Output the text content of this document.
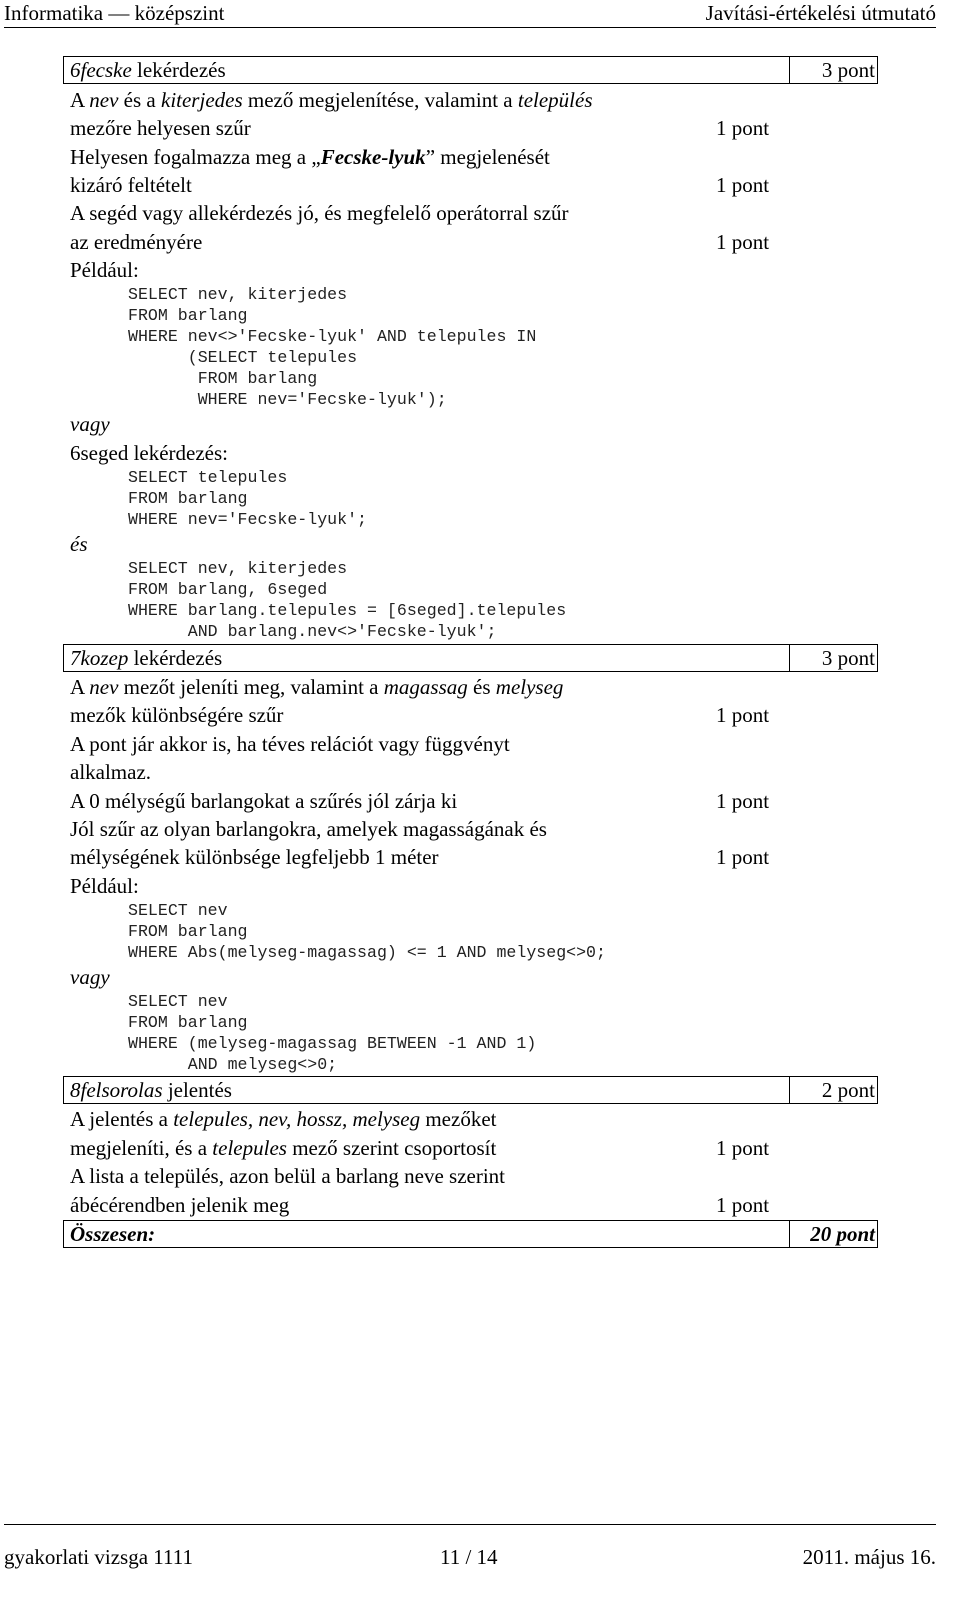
Informatika — középszint	Javítási-értékelési útmutató
6fecske lekérdezés	3 pont
A nev és a kiterjedes mező megjelenítése, valamint a település
mezőre helyesen szűr	1 pont
Helyesen fogalmazza meg a „Fecske-lyuk” megjelenését
kizáró feltételt	1 pont
A segéd vagy allekérdezés jó, és megfelelő operátorral szűr
az eredményére	1 pont
Például:
SELECT nev, kiterjedes
FROM barlang
WHERE nev<>'Fecske-lyuk' AND telepules IN
(SELECT telepules
FROM barlang
WHERE nev='Fecske-lyuk');
vagy
6seged lekérdezés:
SELECT telepules
FROM barlang
WHERE nev='Fecske-lyuk';
és
SELECT nev, kiterjedes
FROM barlang, 6seged
WHERE barlang.telepules = [6seged].telepules
AND barlang.nev<>'Fecske-lyuk';
7kozep lekérdezés	3 pont
A nev mezőt jeleníti meg, valamint a magassag és melyseg
mezők különbségére szűr	1 pont
A pont jár akkor is, ha téves relációt vagy függvényt
alkalmaz.
A 0 mélységű barlangokat a szűrés jól zárja ki	1 pont
Jól szűr az olyan barlangokra, amelyek magasságának és
mélységének különbsége legfeljebb 1 méter	1 pont
Például:
SELECT nev
FROM barlang
WHERE Abs(melyseg-magassag) <= 1 AND melyseg<>0;
vagy
SELECT nev
FROM barlang
WHERE (melyseg-magassag BETWEEN -1 AND 1)
AND melyseg<>0;
8felsorolas jelentés	2 pont
A jelentés a telepules, nev, hossz, melyseg mezőket
megjeleníti, és a telepules mező szerint csoportosít	1 pont
A lista a település, azon belül a barlang neve szerint
ábécérendben jelenik meg	1 pont
Összesen:	20 pont
gyakorlati vizsga 1111	11 / 14	2011. május 16.
